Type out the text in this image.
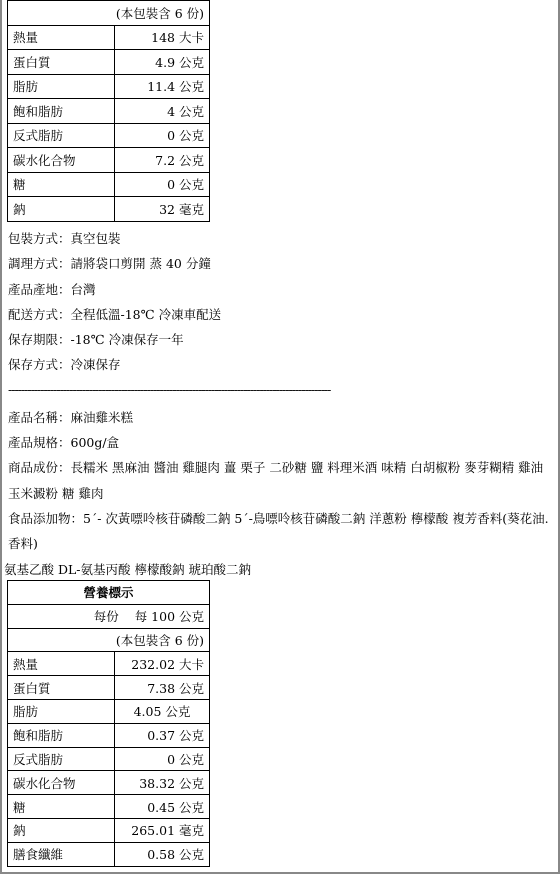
(本包裝含 6 份)	
熱量	148 大卡
蛋白質	4.9 公克
脂肪	11.4 公克
飽和脂肪	4 公克
反式脂肪	0 公克
碳水化合物	7.2 公克
糖	0 公克
鈉	32 毫克
包裝方式：真空包裝
調理方式：請將袋口剪開 蒸 40 分鐘
產品產地：台灣
配送方式：全程低溫-18℃ 冷凍車配送
保存期限：-18℃ 冷凍保存一年
保存方式：冷凍保存
----------------------------------------------------------------------------------------------------
產品名稱：麻油雞米糕
產品規格：600g/盒
商品成份：長糯米 黑麻油 醬油 雞腿肉 薑 栗子 二砂糖 鹽 料理米酒 味精 白胡椒粉 麥芽糊精 雞油玉米澱粉 糖 雞肉
食品添加物：5ˊ- 次黃嘌呤核苷磷酸二鈉 5ˊ-鳥嘌呤核苷磷酸二鈉 洋蔥粉 檸檬酸 複芳香料(葵花油.香料)
氨基乙酸 DL-氨基丙酸 檸檬酸鈉 琥珀酸二鈉
營養標示	
每份 每 100 公克	
(本包裝含 6 份)	
熱量	232.02 大卡
蛋白質	7.38 公克
脂肪	4.05 公克
飽和脂肪	0.37 公克
反式脂肪	0 公克
碳水化合物	38.32 公克
糖	0.45 公克
鈉	265.01 毫克
膳食纖維	0.58 公克
